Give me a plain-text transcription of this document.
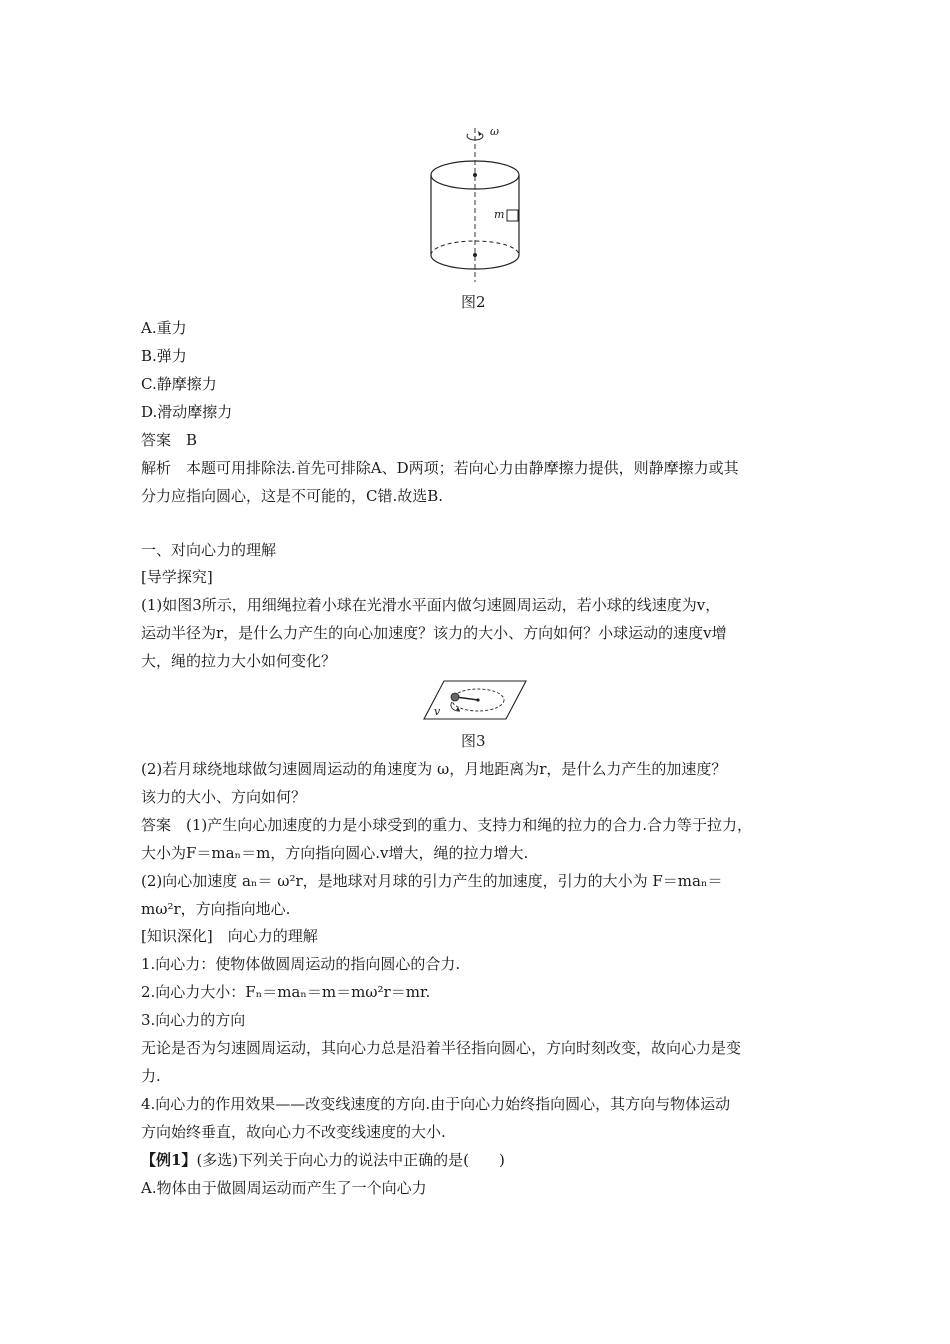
ω
m
图2
A.重力
B.弹力
C.静摩擦力
D.滑动摩擦力
答案　B
解析　本题可用排除法.首先可排除A、D两项；若向心力由静摩擦力提供，则静摩擦力或其
分力应指向圆心，这是不可能的，C错.故选B.
一、对向心力的理解
[导学探究]
(1)如图3所示，用细绳拉着小球在光滑水平面内做匀速圆周运动，若小球的线速度为v，
运动半径为r，是什么力产生的向心加速度？该力的大小、方向如何？小球运动的速度v增
大，绳的拉力大小如何变化？
v
图3
(2)若月球绕地球做匀速圆周运动的角速度为 ω，月地距离为r，是什么力产生的加速度？
该力的大小、方向如何？
答案　(1)产生向心加速度的力是小球受到的重力、支持力和绳的拉力的合力.合力等于拉力，
大小为F＝maₙ＝m，方向指向圆心.v增大，绳的拉力增大.
(2)向心加速度 aₙ＝ ω²r，是地球对月球的引力产生的加速度，引力的大小为 F＝maₙ＝
mω²r，方向指向地心.
[知识深化]　向心力的理解
1.向心力：使物体做圆周运动的指向圆心的合力.
2.向心力大小：Fₙ＝maₙ＝m＝mω²r＝mr.
3.向心力的方向
无论是否为匀速圆周运动，其向心力总是沿着半径指向圆心，方向时刻改变，故向心力是变
力.
4.向心力的作用效果——改变线速度的方向.由于向心力始终指向圆心，其方向与物体运动
方向始终垂直，故向心力不改变线速度的大小.
【例1】(多选)下列关于向心力的说法中正确的是(　　)
A.物体由于做圆周运动而产生了一个向心力
